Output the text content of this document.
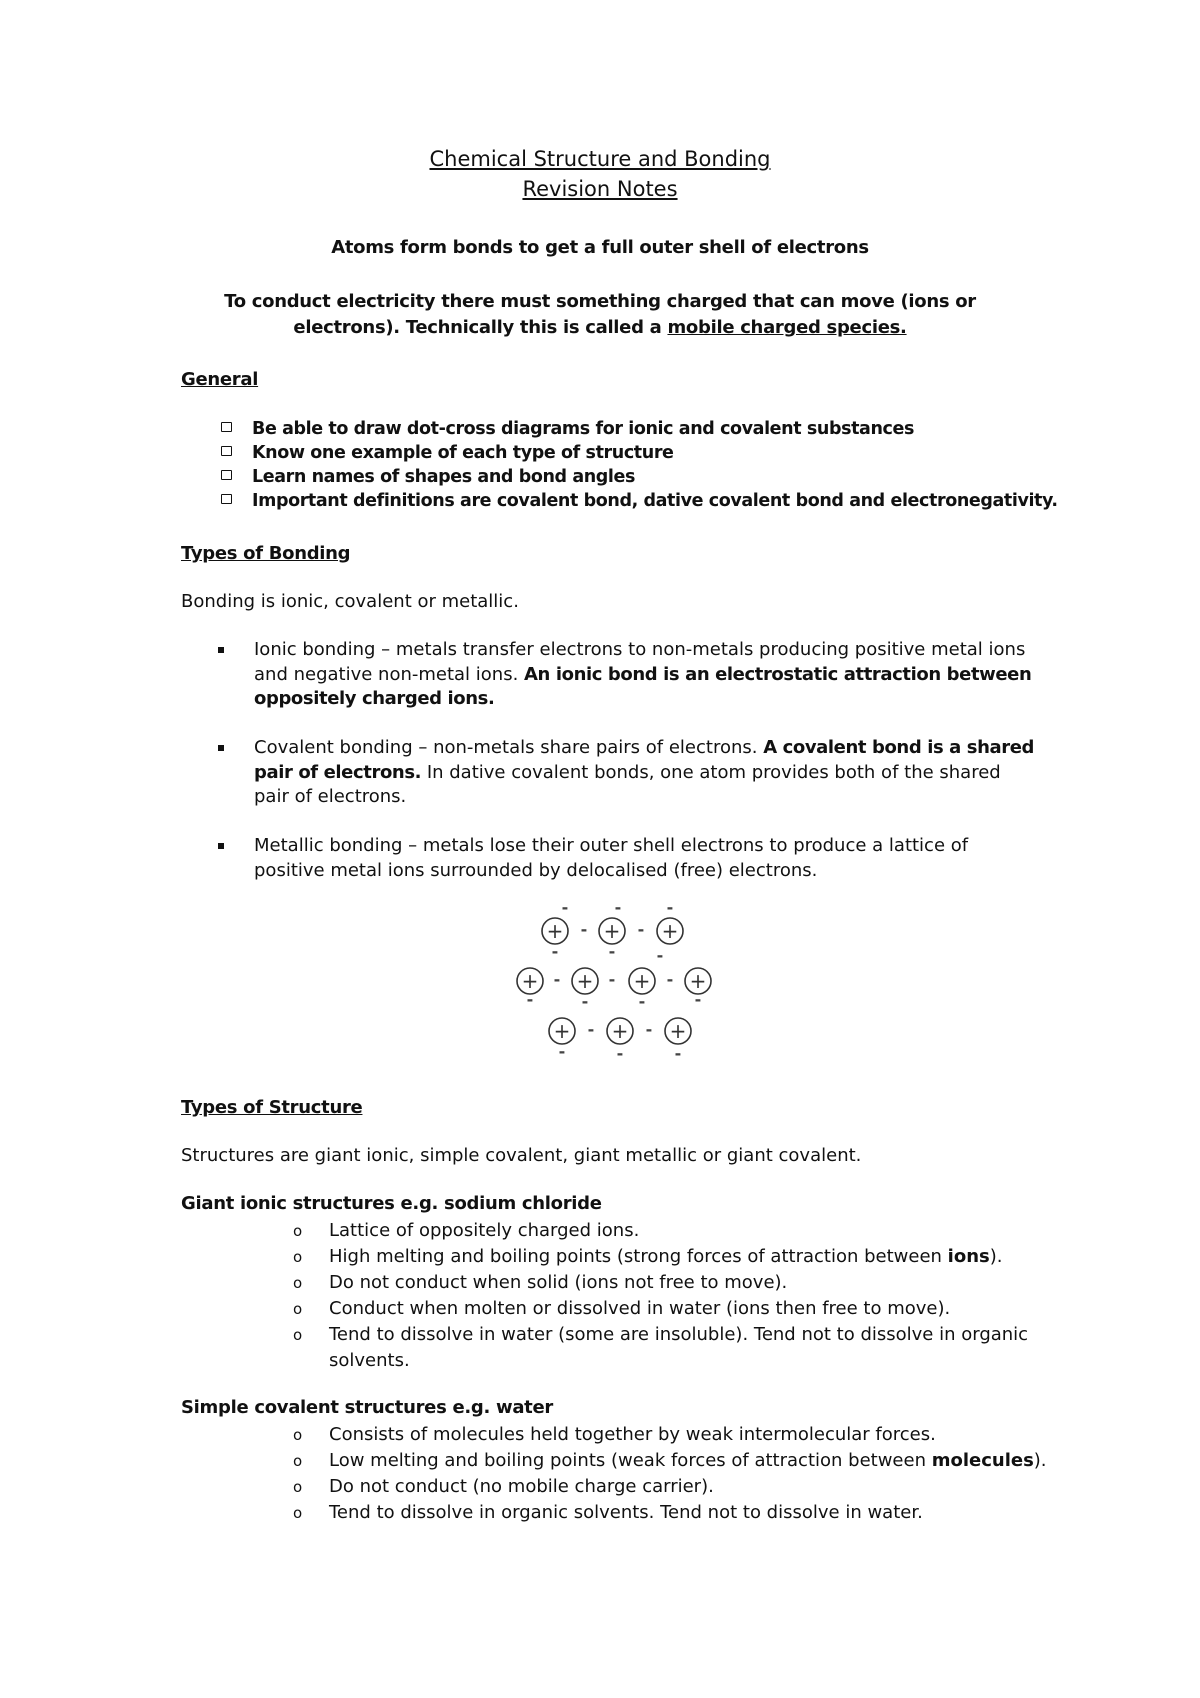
Chemical Structure and Bonding
Revision Notes
Atoms form bonds to get a full outer shell of electrons
To conduct electricity there must something charged that can move (ions or
electrons). Technically this is called a mobile charged species.
General
Be able to draw dot-cross diagrams for ionic and covalent substances
Know one example of each type of structure
Learn names of shapes and bond angles
Important definitions are covalent bond, dative covalent bond and electronegativity.
Types of Bonding
Bonding is ionic, covalent or metallic.
Ionic bonding – metals transfer electrons to non-metals producing positive metal ions and negative non-metal ions. An ionic bond is an electrostatic attraction between oppositely charged ions.
Covalent bonding – non-metals share pairs of electrons. A covalent bond is a shared pair of electrons. In dative covalent bonds, one atom provides both of the shared pair of electrons.
Metallic bonding – metals lose their outer shell electrons to produce a lattice of positive metal ions surrounded by delocalised (free) electrons.
+ + +
+ + + +
+ + +
-	-
-
-	-
-	-
-	-	-
-	-	-
-	-	-	-
-	-	-
Types of Structure
Structures are giant ionic, simple covalent, giant metallic or giant covalent.
Giant ionic structures e.g. sodium chloride
o Lattice of oppositely charged ions.
o High melting and boiling points (strong forces of attraction between ions).
o Do not conduct when solid (ions not free to move).
o Conduct when molten or dissolved in water (ions then free to move).
o Tend to dissolve in water (some are insoluble). Tend not to dissolve in organic solvents.
Simple covalent structures e.g. water
o Consists of molecules held together by weak intermolecular forces.
o Low melting and boiling points (weak forces of attraction between molecules).
o Do not conduct (no mobile charge carrier).
o Tend to dissolve in organic solvents. Tend not to dissolve in water.
